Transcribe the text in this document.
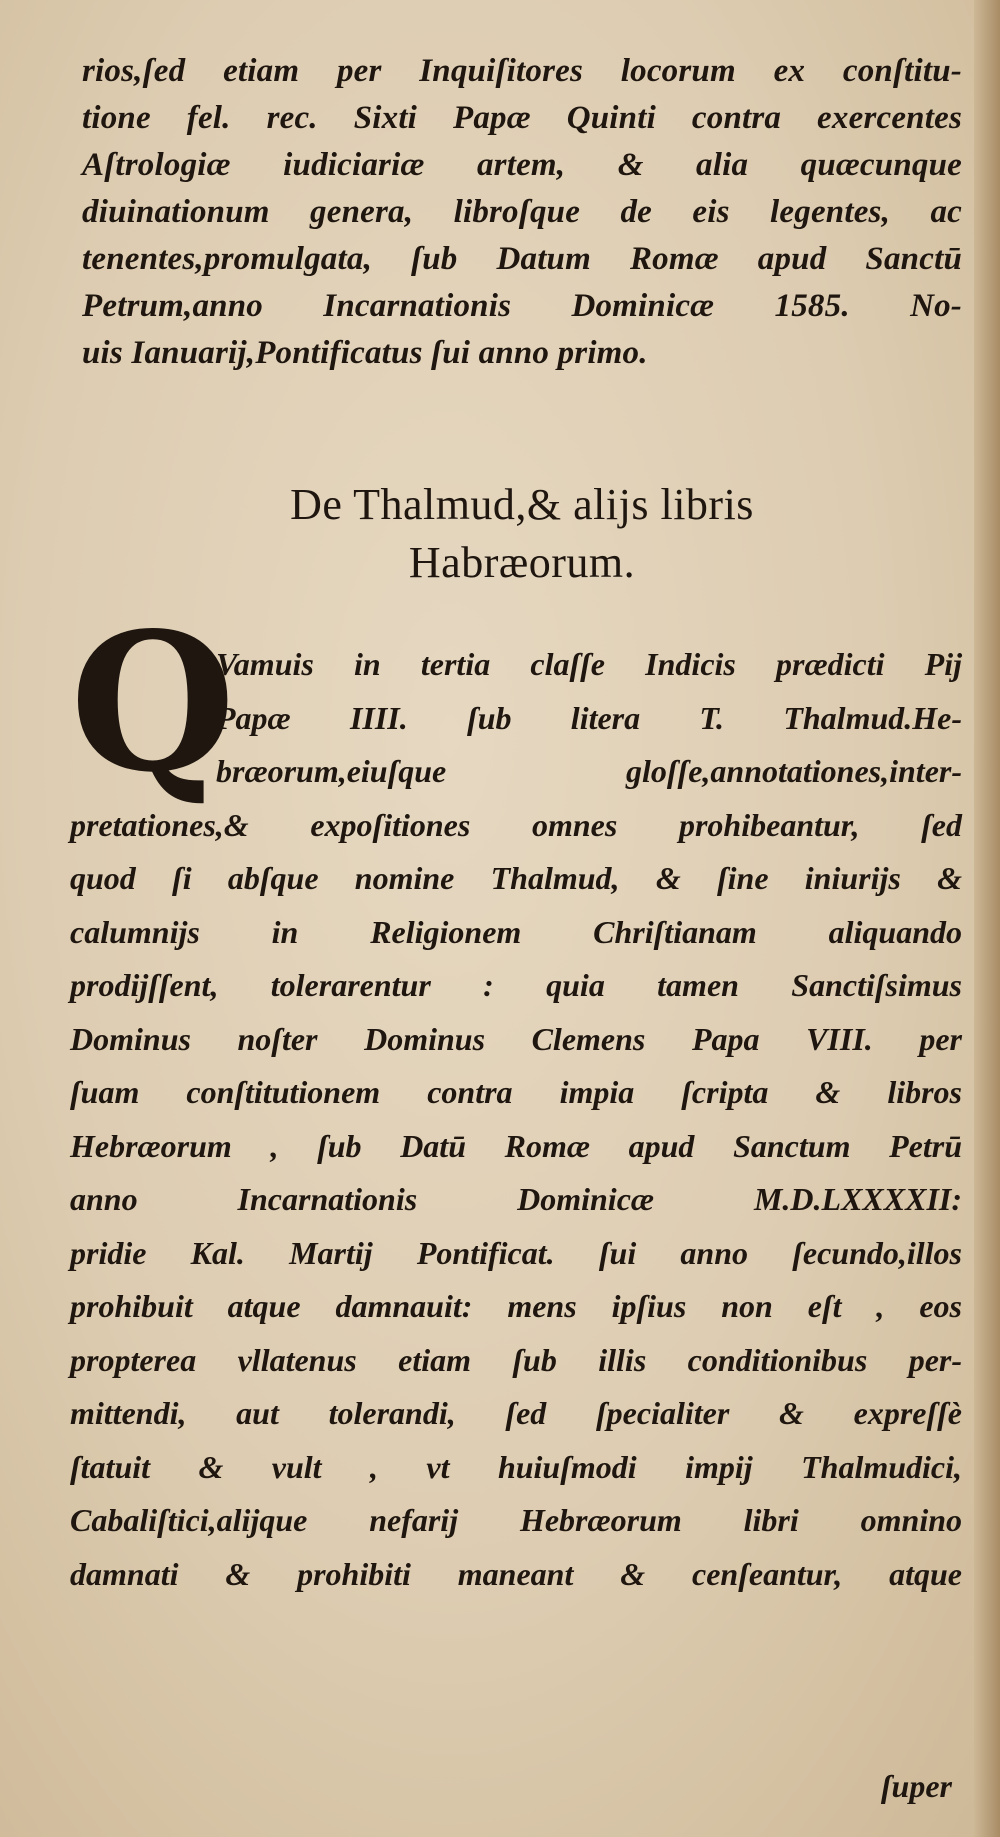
rios,ſed etiam per Inquiſitores locorum ex conſtitu-
tione fel. rec. Sixti Papæ Quinti contra exercentes
Aſtrologiæ iudiciariæ artem, & alia quæcunque
diuinationum genera, libroſque de eis legentes, ac
tenentes,promulgata, ſub Datum Romæ apud Sanctū
Petrum,anno Incarnationis Dominicæ 1585. No-
uis Ianuarij,Pontificatus ſui anno primo.
De Thalmud,& alijs libris
Habræorum.
Q
Vamuis in tertia claſſe Indicis prædicti Pij
Papæ IIII. ſub litera T. Thalmud.He-
bræorum,eiuſque gloſſe,annotationes,inter-
pretationes,& expoſitiones omnes prohibeantur, ſed
quod ſi abſque nomine Thalmud, & ſine iniurijs &
calumnijs in Religionem Chriſtianam aliquando
prodijſſent, tolerarentur : quia tamen Sanctiſsimus
Dominus noſter Dominus Clemens Papa VIII. per
ſuam conſtitutionem contra impia ſcripta & libros
Hebræorum , ſub Datū Romæ apud Sanctum Petrū
anno Incarnationis Dominicæ M.D.LXXXXII:
pridie Kal. Martij Pontificat. ſui anno ſecundo,illos
prohibuit atque damnauit: mens ipſius non eſt , eos
propterea vllatenus etiam ſub illis conditionibus per-
mittendi, aut tolerandi, ſed ſpecialiter & expreſſè
ſtatuit & vult , vt huiuſmodi impij Thalmudici,
Cabaliſtici,alijque nefarij Hebræorum libri omnino
damnati & prohibiti maneant & cenſeantur, atque
ſuper
